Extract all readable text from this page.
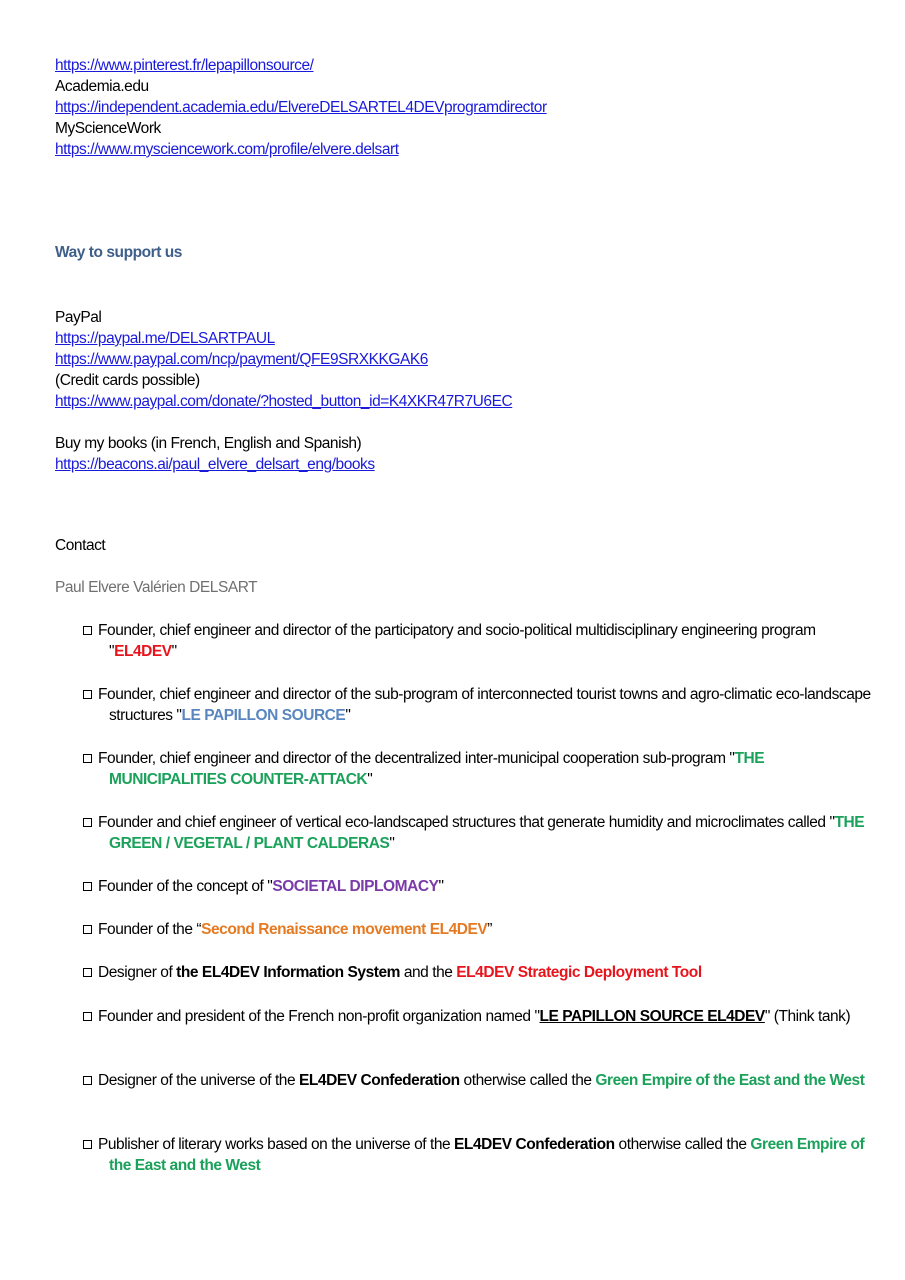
https://www.pinterest.fr/lepapillonsource/
Academia.edu
https://independent.academia.edu/ElvereDELSARTEL4DEVprogramdirector
MyScienceWork
https://www.mysciencework.com/profile/elvere.delsart
Way to support us
PayPal
https://paypal.me/DELSARTPAUL
https://www.paypal.com/ncp/payment/QFE9SRXKKGAK6
(Credit cards possible)
https://www.paypal.com/donate/?hosted_button_id=K4XKR47R7U6EC
Buy my books (in French, English and Spanish)
https://beacons.ai/paul_elvere_delsart_eng/books
Contact
Paul Elvere Valérien DELSART
Founder, chief engineer and director of the participatory and socio-political multidisciplinary engineering program "EL4DEV"
Founder, chief engineer and director of the sub-program of interconnected tourist towns and agro-climatic eco-landscape structures "LE PAPILLON SOURCE"
Founder, chief engineer and director of the decentralized inter-municipal cooperation sub-program "THE MUNICIPALITIES COUNTER-ATTACK"
Founder and chief engineer of vertical eco-landscaped structures that generate humidity and microclimates called "THE GREEN / VEGETAL / PLANT CALDERAS"
Founder of the concept of "SOCIETAL DIPLOMACY"
Founder of the “Second Renaissance movement EL4DEV”
Designer of the EL4DEV Information System and the EL4DEV Strategic Deployment Tool
Founder and president of the French non-profit organization named "LE PAPILLON SOURCE EL4DEV" (Think tank)
Designer of the universe of the EL4DEV Confederation otherwise called the Green Empire of the East and the West
Publisher of literary works based on the universe of the EL4DEV Confederation otherwise called the Green Empire of the East and the West
